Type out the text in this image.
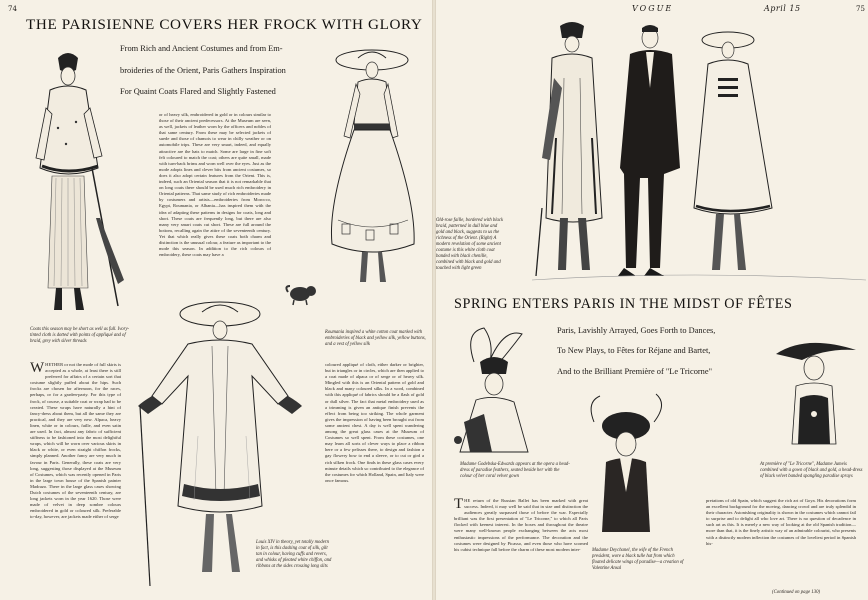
74
THE PARISIENNE COVERS HER FROCK WITH GLORY
From Rich and Ancient Costumes and from Em-
broideries of the Orient, Paris Gathers Inspiration
For Quaint Coats Flared and Slightly Fastened
Coats this season may be short as well as full. Ivory-tinted cloth is dotted with points of appliqué and of braid, grey with silver threads
or of heavy silk, embroidered in gold or in colours similar to those of their ancient predecessors. At the Museum are seen, as well, jackets of leather worn by the officers and nobles of that same century. From these may be selected jackets of suede and those of chamois to wear in chilly weather or on automobile trips. These are very smart, indeed, and equally attractive are the hats to match. Some are large in fine soft felt coloured to match the coat; others are quite small, made with turn-back brims and worn well over the eyes. Just as the mode adopts lines and clever bits from ancient costumes, so does it also adopt certain features from the Orient. This is, indeed, such an Oriental season that it is not remarkable that on long coats there should be used much rich embroidery in Oriental patterns. That same study of rich embroideries made by costumers and artists—embroideries from Morocco, Egypt, Roumania, or Albania—has inspired them with the idea of adapting these patterns in designs for coats, long and short. These coats are frequently long, but there are also many very smart coats cut short. These are full around the bottom, recalling again the attire of the seventeenth century. Yet that which really gives these coats both charm and distinction is the unusual colour, a feature as important to the mode this season. In addition to the rich colours of embroidery, these coats may have a
Roumania inspired a white cotton coat marked with embroideries of black and yellow silk, yellow buttons, and a vest of yellow silk
WHETHER or not the mode of full skirts is accepted as a whole, at least there is still preferred for affairs of a certain sort that costume slightly puffed about the hips. Such frocks are chosen for afternoon, for the races, perhaps, or for a garden-party. For this type of frock, of course, a suitable coat or wrap had to be created. These wraps have naturally a hint of fancy-dress about them, but all the same they are practical, and they are very new. Alpaca, heavy linen, white or in colours, faille, and even satin are used. In fact, almost any fabric of sufficient stiffness to be fashioned into the most delightful wraps, which will be worn over various skirts in black or white, or even straight chiffon frocks, simply planned. Another fancy are very much in favour in Paris. Generally, these coats are very long, suggesting those displayed at the Museum of Costumes, which was recently opened in Paris in the large town house of the Spanish painter Madrazo. There in the large glass cases showing Dutch costumes of the seventeenth century, are long jackets worn in the year 1620. Those were made of velvet in deep sombre colours embroidered in gold or coloured silk. Preferable to-day, however, are jackets made either of serge
coloured appliqué of cloth, either darker or brighter, but in triangles or in circles, which are then applied to a coat made of alpaca or of serge or of heavy silk. Mingled with this is an Oriental pattern of gold and black and many coloured silks. In a word, combined with this appliqué of fabrics should be a flash of gold or dull silver. The fact that metal embroidery used as a trimming is given an antique finish prevents the effect from being too striking. The whole garment gives the impression of having been brought out from some ancient chest. A day is well spent wandering among the great glass cases at the Museum of Costumes so well spent. From these costumes, one may learn all sorts of clever ways to place a ribbon here or a few pelisses there, to design and fashion a gay flowery bow to end a sleeve, or to cut or gird a rich silken frock. One finds in these glass cases every minute details which so contributed to the elegance of the costumes for which Holland, Spain, and Italy were once famous.
Louis XIV in theory, yet totally modern in fact, is this dashing coat of silk, gilt tan in colour, having cuffs and revers, and whisks of pleated white chiffon, and ribbons at the sides crossing long slits
VOGUE	April 15	75
Old-rose faille, bordered with black braid, patterned in dull blue and gold and black, suggests to us the richness of the Orient. (Right) A modern revelation of some ancient costume is this white cloth coat banded with black chenille, combined with black and gold and touched with light green
SPRING ENTERS PARIS IN THE MIDST OF FÊTES
Paris, Lavishly Arrayed, Goes Forth to Dances,
To New Plays, to Fêtes for Réjane and Bartet,
And to the Brilliant Première of "Le Tricorne"
Madame Godebska-Edwards appears at the opera a head-dress of paradise feathers, seated beside her with the colour of her coral velvet gown
At première of "Le Tricorne", Madame Jumeis combined with a gown of black and gold, a head-dress of black velvet banded spangling paradise sprays
THE return of the Russian Ballet has been marked with great success. Indeed, it may well be said that in size and distinction the audiences greatly surpassed those of before the war. Especially brilliant was the first presentation of "Le Tricorne," to which all Paris flocked with keenest interest. In the boxes and throughout the theatre were many well-known people exchanging between the acts most enthusiastic impressions of the performance. The decoration and the costumes were designed by Picasso, and even those who have scorned his cubist technique fall before the charm of these most modern inter-	Madame Deychanel, the wife of the French president, wore a black tulle hat from which floated delicate wings of paradise—a creation of Valentine Ansal
pretations of old Spain, which suggest the rich art of Goya. His decorations form an excellent background for the moving, dancing crowd and are truly splendid in their character. Astonishing originality is shown in the costumes which cannot fail to surprise and to delight all who love art. There is no question of decadence in such art as this. It is merely a new way of looking at the old Spanish tradition—more than that, it is the finely artistic way of an admirable colourist, who presents with a distinctly modern inflection the costumes of the loveliest period in Spanish his-
(Continued on page 130)
